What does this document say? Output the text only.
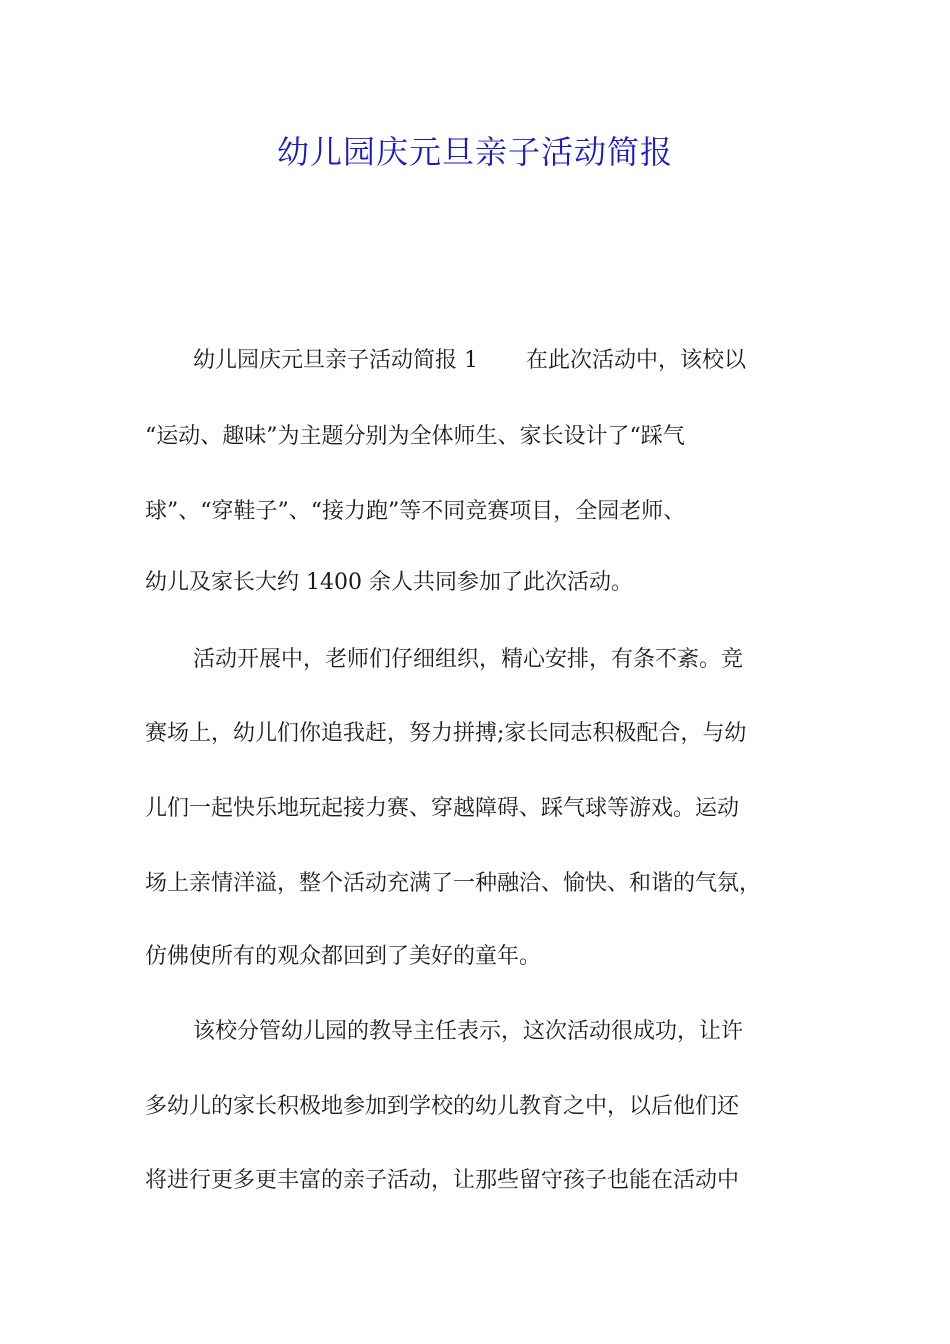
幼儿园庆元旦亲子活动简报

幼儿园庆元旦亲子活动简报 1 在此次活动中，该校以

“运动、趣味”为主题分别为全体师生、家长设计了“踩气

球”、“穿鞋子”、“接力跑”等不同竞赛项目，全园老师、

幼儿及家长大约 1400 余人共同参加了此次活动。

活动开展中，老师们仔细组织，精心安排，有条不紊。竞

赛场上，幼儿们你追我赶，努力拼搏;家长同志积极配合，与幼

儿们一起快乐地玩起接力赛、穿越障碍、踩气球等游戏。运动

场上亲情洋溢，整个活动充满了一种融洽、愉快、和谐的气氛，

仿佛使所有的观众都回到了美好的童年。

该校分管幼儿园的教导主任表示，这次活动很成功，让许

多幼儿的家长积极地参加到学校的幼儿教育之中，以后他们还

将进行更多更丰富的亲子活动，让那些留守孩子也能在活动中
